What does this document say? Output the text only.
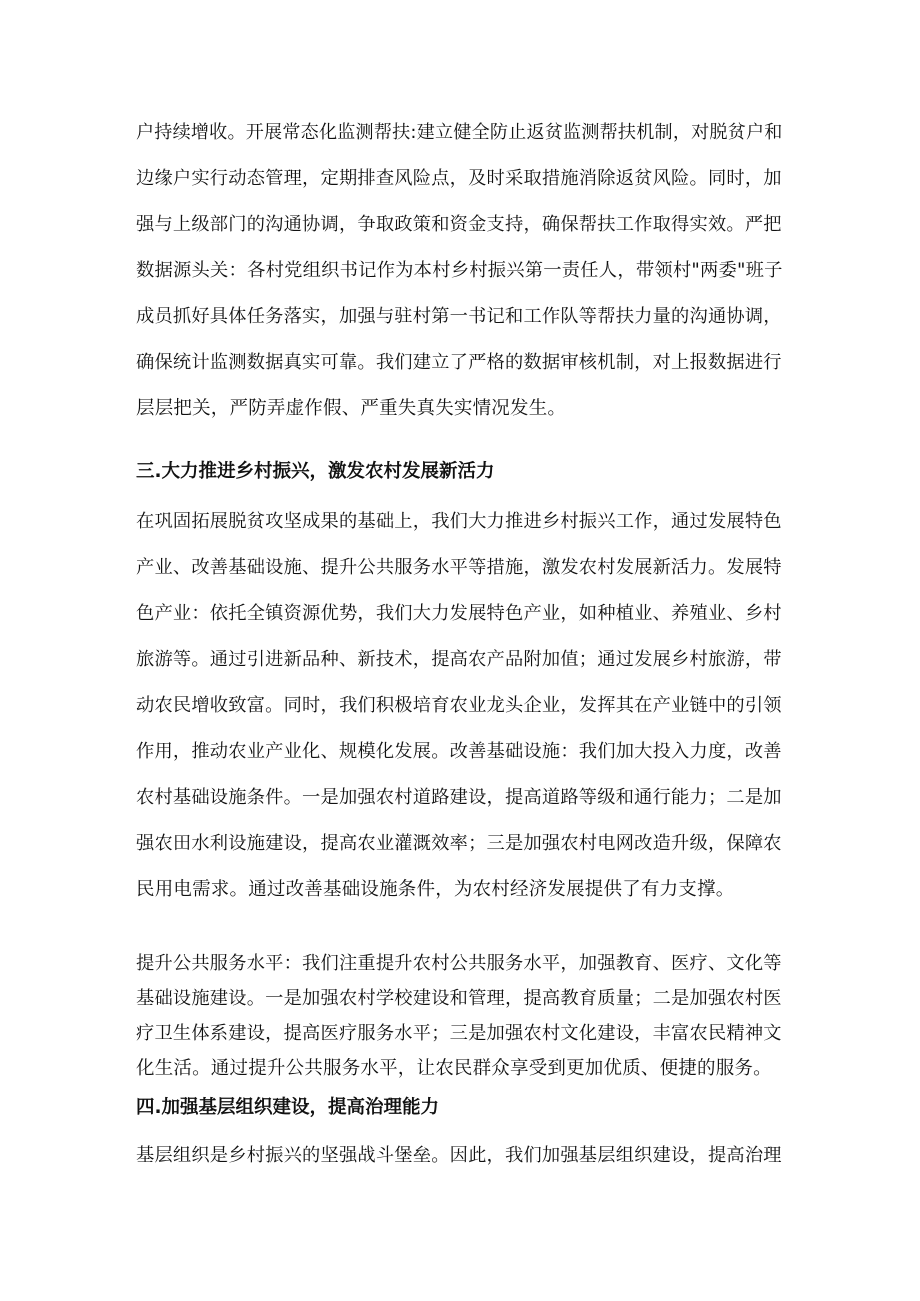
户持续增收。开展常态化监测帮扶:建立健全防止返贫监测帮扶机制，对脱贫户和
边缘户实行动态管理，定期排查风险点，及时采取措施消除返贫风险。同时，加
强与上级部门的沟通协调，争取政策和资金支持，确保帮扶工作取得实效。严把
数据源头关：各村党组织书记作为本村乡村振兴第一责任人，带领村"两委"班子
成员抓好具体任务落实，加强与驻村第一书记和工作队等帮扶力量的沟通协调，
确保统计监测数据真实可靠。我们建立了严格的数据审核机制，对上报数据进行
层层把关，严防弄虚作假、严重失真失实情况发生。
三.大力推进乡村振兴，激发农村发展新活力
在巩固拓展脱贫攻坚成果的基础上，我们大力推进乡村振兴工作，通过发展特色
产业、改善基础设施、提升公共服务水平等措施，激发农村发展新活力。发展特
色产业：依托全镇资源优势，我们大力发展特色产业，如种植业、养殖业、乡村
旅游等。通过引进新品种、新技术，提高农产品附加值；通过发展乡村旅游，带
动农民增收致富。同时，我们积极培育农业龙头企业，发挥其在产业链中的引领
作用，推动农业产业化、规模化发展。改善基础设施：我们加大投入力度，改善
农村基础设施条件。一是加强农村道路建设，提高道路等级和通行能力；二是加
强农田水利设施建设，提高农业灌溉效率；三是加强农村电网改造升级，保障农
民用电需求。通过改善基础设施条件，为农村经济发展提供了有力支撑。
提升公共服务水平：我们注重提升农村公共服务水平，加强教育、医疗、文化等
基础设施建设。一是加强农村学校建设和管理，提高教育质量；二是加强农村医
疗卫生体系建设，提高医疗服务水平；三是加强农村文化建设，丰富农民精神文
化生活。通过提升公共服务水平，让农民群众享受到更加优质、便捷的服务。
四.加强基层组织建设，提高治理能力
基层组织是乡村振兴的坚强战斗堡垒。因此，我们加强基层组织建设，提高治理
